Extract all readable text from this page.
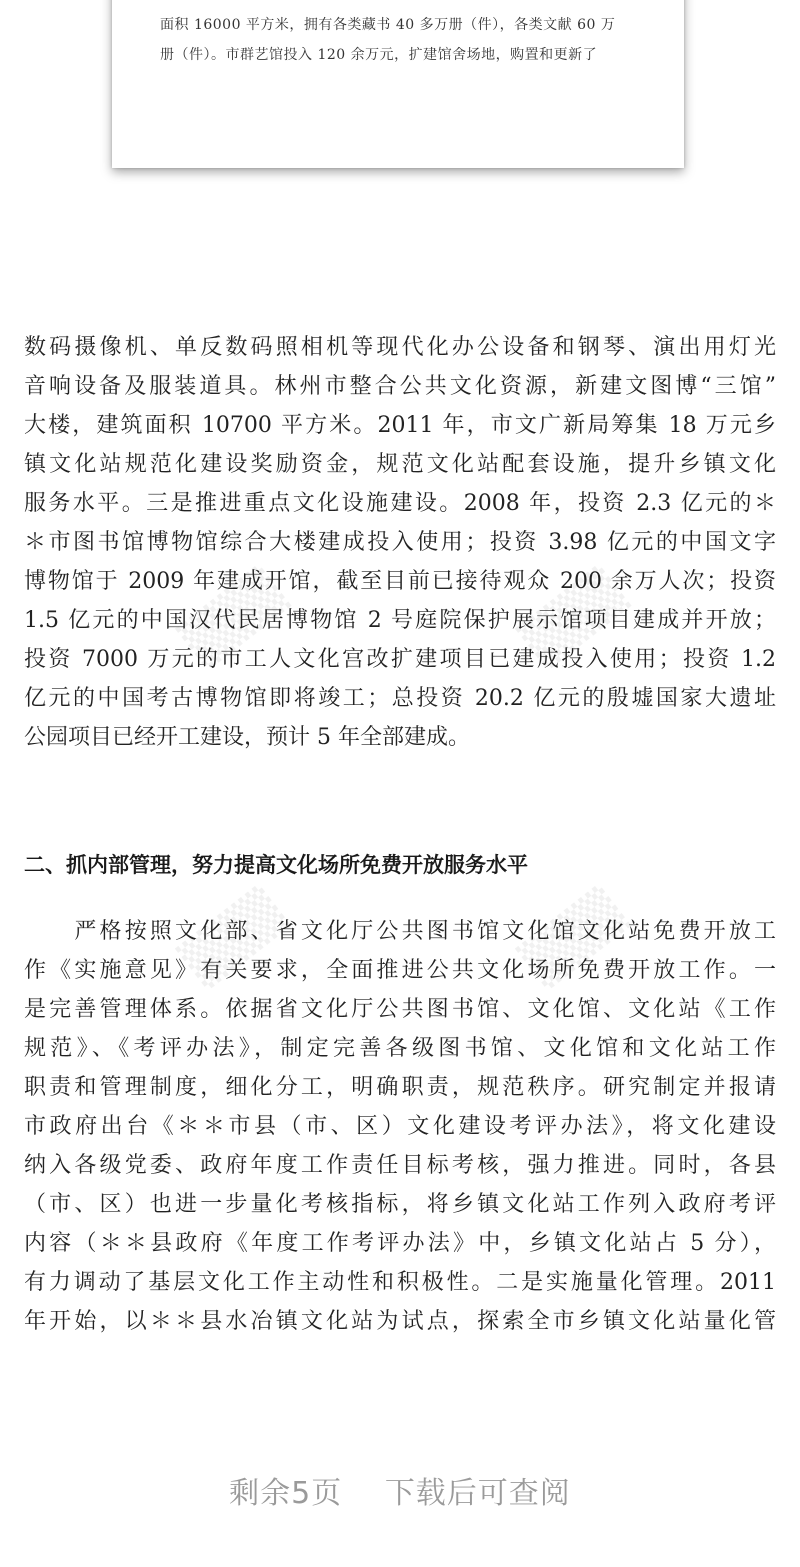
面积 16000 平方米，拥有各类藏书 40 多万册（件），各类文献 60 万
册（件）。市群艺馆投入 120 余万元，扩建馆舍场地，购置和更新了
▒▒▒	▒▒▒
▒▒▒	▒▒▒
数码摄像机、单反数码照相机等现代化办公设备和钢琴、演出用灯光
音响设备及服装道具。林州市整合公共文化资源，新建文图博“三馆”
大楼，建筑面积 10700 平方米。2011 年，市文广新局筹集 18 万元乡
镇文化站规范化建设奖励资金，规范文化站配套设施，提升乡镇文化
服务水平。三是推进重点文化设施建设。2008 年，投资 2.3 亿元的＊
＊市图书馆博物馆综合大楼建成投入使用；投资 3.98 亿元的中国文字
博物馆于 2009 年建成开馆，截至目前已接待观众 200 余万人次；投资
1.5 亿元的中国汉代民居博物馆 2 号庭院保护展示馆项目建成并开放；
投资 7000 万元的市工人文化宫改扩建项目已建成投入使用；投资 1.2
亿元的中国考古博物馆即将竣工；总投资 20.2 亿元的殷墟国家大遗址
公园项目已经开工建设，预计 5 年全部建成。
二、抓内部管理，努力提高文化场所免费开放服务水平
　　严格按照文化部、省文化厅公共图书馆文化馆文化站免费开放工
作《实施意见》有关要求，全面推进公共文化场所免费开放工作。一
是完善管理体系。依据省文化厅公共图书馆、文化馆、文化站《工作
规范》、《考评办法》，制定完善各级图书馆、文化馆和文化站工作
职责和管理制度，细化分工，明确职责，规范秩序。研究制定并报请
市政府出台《＊＊市县（市、区）文化建设考评办法》，将文化建设
纳入各级党委、政府年度工作责任目标考核，强力推进。同时，各县
（市、区）也进一步量化考核指标，将乡镇文化站工作列入政府考评
内容（＊＊县政府《年度工作考评办法》中，乡镇文化站占 5 分），
有力调动了基层文化工作主动性和积极性。二是实施量化管理。2011
年开始，以＊＊县水冶镇文化站为试点，探索全市乡镇文化站量化管
剩余5页 下载后可查阅
